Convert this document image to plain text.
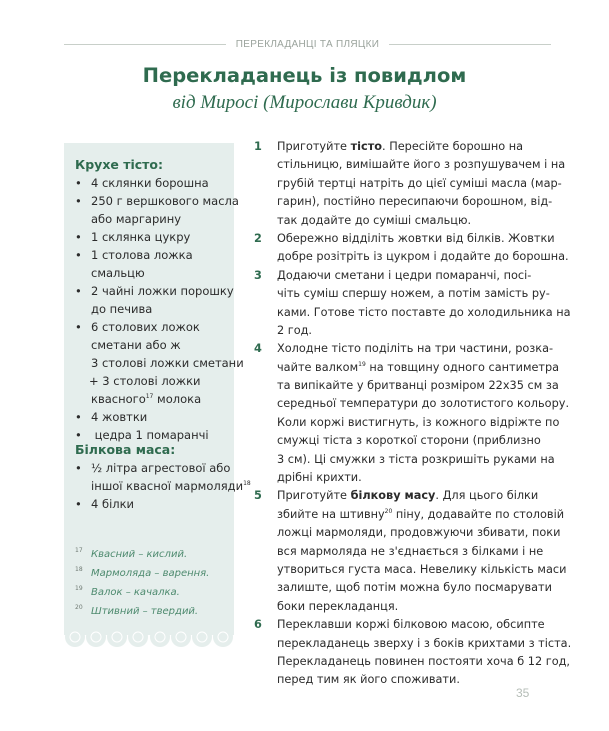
ПЕРЕКЛАДАНЦІ ТА ПЛЯЦКИ
Перекладанець із повидлом
від Миросі (Мирослави Кривдик)
Крухе тісто:
• 4 склянки борошна
• 250 г вершкового масла
або маргарину
• 1 склянка цукру
• 1 столова ложка
смальцю
• 2 чайні ложки порошку
до печива
• 6 столових ложок
сметани або ж
3 столові ложки сметани
+ 3 столові ложки
квасного$^{17}$ молока
• 4 жовтки
• цедра 1 помаранчі
Білкова маса:
• ½ літра агрестової або
іншої квасної мармоляди$^{18}$
• 4 білки
17 Квасний – кислий.
18 Мармоляда – варення.
19 Валок – качалка.
20 Штивний – твердий.
1 Приготуйте тісто. Пересійте борошно на
стільницю, вимішайте його з розпушувачем і на
грубій тертці натріть до цієї суміші масла (мар-
гарин), постійно пересипаючи борошном, від-
так додайте до суміші смальцю.
2 Обережно відділіть жовтки від білків. Жовтки
добре розітріть із цукром і додайте до борошна.
3 Додаючи сметани і цедри помаранчі, посі-
чіть суміш спершу ножем, а потім замість ру-
ками. Готове тісто поставте до холодильника на
2 год.
4 Холодне тісто поділіть на три частини, розка-
чайте валком$^{19}$ на товщину одного сантиметра
та випікайте у бритванці розміром 22х35 см за
середньої температури до золотистого кольору.
Коли коржі вистигнуть, із кожного відріжте по
смужці тіста з короткої сторони (приблизно
3 см). Ці смужки з тіста розкришіть руками на
дрібні крихти.
5 Приготуйте білкову масу. Для цього білки
збийте на штивну$^{20}$ піну, додавайте по столовій
ложці мармоляди, продовжуючи збивати, поки
вся мармоляда не з'єднається з білками і не
утвориться густа маса. Невелику кількість маси
залиште, щоб потім можна було посмарувати
боки перекладанця.
6 Переклавши коржі білковою масою, обсипте
перекладанець зверху і з боків крихтами з тіста.
Перекладанець повинен постояти хоча б 12 год,
перед тим як його споживати.
35
